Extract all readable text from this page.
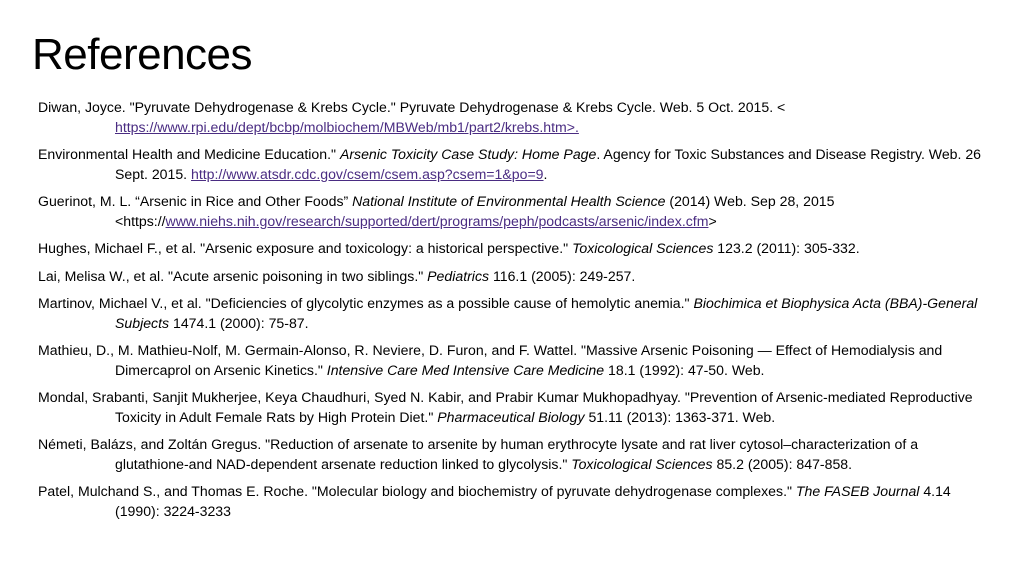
References
Diwan, Joyce. "Pyruvate Dehydrogenase & Krebs Cycle." Pyruvate Dehydrogenase & Krebs Cycle. Web. 5 Oct. 2015. < https://www.rpi.edu/dept/bcbp/molbiochem/MBWeb/mb1/part2/krebs.htm>.
Environmental Health and Medicine Education." Arsenic Toxicity Case Study: Home Page. Agency for Toxic Substances and Disease Registry. Web. 26 Sept. 2015. http://www.atsdr.cdc.gov/csem/csem.asp?csem=1&po=9.
Guerinot, M. L. “Arsenic in Rice and Other Foods” National Institute of Environmental Health Science (2014) Web. Sep 28, 2015 <https://www.niehs.nih.gov/research/supported/dert/programs/peph/podcasts/arsenic/index.cfm>
Hughes, Michael F., et al. "Arsenic exposure and toxicology: a historical perspective." Toxicological Sciences 123.2 (2011): 305-332.
Lai, Melisa W., et al. "Acute arsenic poisoning in two siblings." Pediatrics 116.1 (2005): 249-257.
Martinov, Michael V., et al. "Deficiencies of glycolytic enzymes as a possible cause of hemolytic anemia." Biochimica et Biophysica Acta (BBA)-General Subjects 1474.1 (2000): 75-87.
Mathieu, D., M. Mathieu-Nolf, M. Germain-Alonso, R. Neviere, D. Furon, and F. Wattel. "Massive Arsenic Poisoning — Effect of Hemodialysis and Dimercaprol on Arsenic Kinetics." Intensive Care Med Intensive Care Medicine 18.1 (1992): 47-50. Web.
Mondal, Srabanti, Sanjit Mukherjee, Keya Chaudhuri, Syed N. Kabir, and Prabir Kumar Mukhopadhyay. "Prevention of Arsenic-mediated Reproductive Toxicity in Adult Female Rats by High Protein Diet." Pharmaceutical Biology 51.11 (2013): 1363-371. Web.
Németi, Balázs, and Zoltán Gregus. "Reduction of arsenate to arsenite by human erythrocyte lysate and rat liver cytosol–characterization of a glutathione-and NAD-dependent arsenate reduction linked to glycolysis." Toxicological Sciences 85.2 (2005): 847-858.
Patel, Mulchand S., and Thomas E. Roche. "Molecular biology and biochemistry of pyruvate dehydrogenase complexes." The FASEB Journal 4.14 (1990): 3224-3233
